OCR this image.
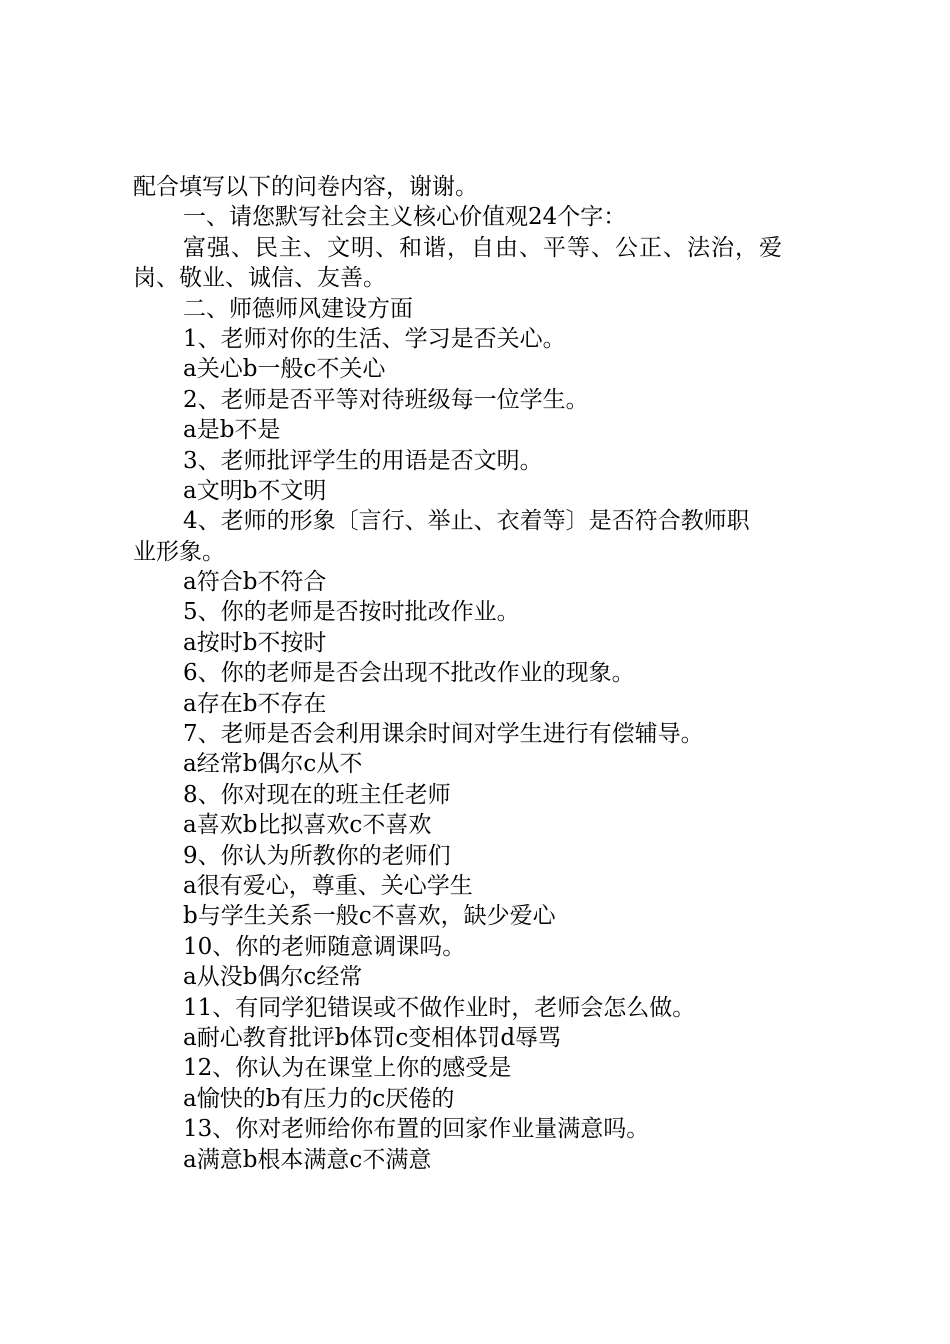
配合填写以下的问卷内容，谢谢。
一、请您默写社会主义核心价值观24个字：
富强、民主、文明、和谐，自由、平等、公正、法治，爱
岗、敬业、诚信、友善。
二、师德师风建设方面
1、老师对你的生活、学习是否关心。
a关心b一般c不关心
2、老师是否平等对待班级每一位学生。
a是b不是
3、老师批评学生的用语是否文明。
a文明b不文明
4、老师的形象〔言行、举止、衣着等〕是否符合教师职
业形象。
a符合b不符合
5、你的老师是否按时批改作业。
a按时b不按时
6、你的老师是否会出现不批改作业的现象。
a存在b不存在
7、老师是否会利用课余时间对学生进行有偿辅导。
a经常b偶尔c从不
8、你对现在的班主任老师
a喜欢b比拟喜欢c不喜欢
9、你认为所教你的老师们
a很有爱心，尊重、关心学生
b与学生关系一般c不喜欢，缺少爱心
10、你的老师随意调课吗。
a从没b偶尔c经常
11、有同学犯错误或不做作业时，老师会怎么做。
a耐心教育批评b体罚c变相体罚d辱骂
12、你认为在课堂上你的感受是
a愉快的b有压力的c厌倦的
13、你对老师给你布置的回家作业量满意吗。
a满意b根本满意c不满意
